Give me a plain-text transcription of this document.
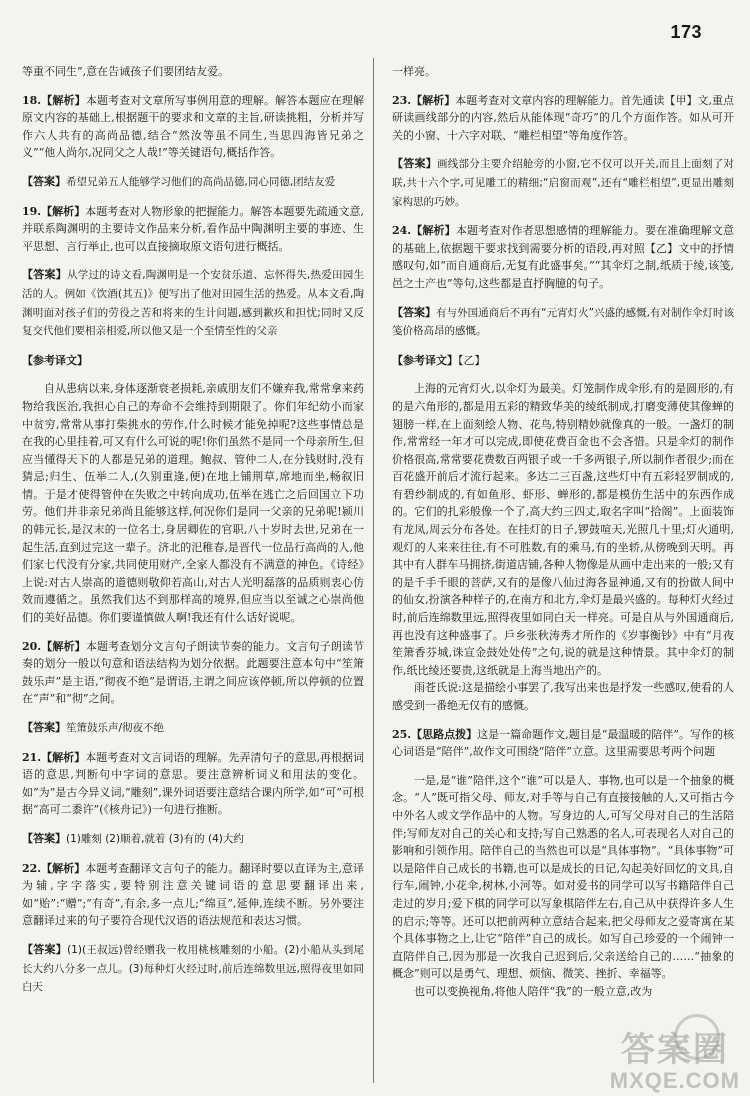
173

等重不同生”,意在告诫孩子们要团结友爱。

18.【解析】本题考查对文章所写事例用意的理解。解答本题应在理解原文内容的基础上,根据题干的要求和文章的主旨,研读挑粗，分析并写作六人共有的高尚品德,结合“然汝等虽不同生,当思四海皆兄弟之义”“他人尚尔,况同父之人哉!”等关键语句,概括作答。

【答案】希望兄弟五人能够学习他们的高尚品德,同心同德,团结友爱

19.【解析】本题考查对人物形象的把握能力。解答本题要先疏通文意,并联系陶渊明的主要诗文作品来分析,看作品中陶渊明主要的事迹、生平思想、言行举止,也可以直接摘取原文语句进行概括。

【答案】从学过的诗文看,陶渊明是一个安贫乐道、忘怀得失,热爱田园生活的人。例如《饮酒(其五)》便写出了他对田园生活的热爱。从本文看,陶渊明面对孩子们的劳役之苦和将来的生计问题,感到歉疚和担忧;同时又反复交代他们要相亲相爱,所以他又是一个至情至性的父亲

【参考译文】

自从患病以来,身体逐渐衰老损耗,亲戚朋友们不嫌弃我,常常拿来药物给我医治,我担心自己的寿命不会维持到期限了。你们年纪幼小而家中贫穷,常常从事打柴挑水的劳作,什么时候才能免掉呢?这些事情总是在我的心里挂着,可又有什么可说的呢!你们虽然不是同一个母亲所生,但应当懂得天下的人都是兄弟的道理。鲍叔、管仲二人,在分钱财时,没有猜忌;归生、伍举二人,(久别重逢,便)在地上铺荆草,席地而坐,畅叙旧情。于是才使得管仲在失败之中转向成功,伍举在逃亡之后回国立下功劳。他们并非亲兄弟尚且能够这样,何况你们是同一父亲的兄弟呢!颍川的韩元长,是汉末的一位名士,身居卿佐的官职,八十岁时去世,兄弟在一起生活,直到过完这一辈子。济北的汜稚春,是晋代一位品行高尚的人,他们家七代没有分家,共同使用财产,全家人都没有不满意的神色。《诗经》上说:对古人崇高的道德则敬仰若高山,对古人光明磊落的品质则衷心仿效而遵循之。虽然我们达不到那样高的境界,但应当以至诚之心崇尚他们的美好品德。你们要谨慎做人啊!我还有什么话好说呢。

20.【解析】本题考查划分文言句子朗读节奏的能力。文言句子朗读节奏的划分一般以句意和语法结构为划分依据。此题要注意本句中“笙箫鼓乐声”是主语,“彻夜不绝”是谓语,主谓之间应该停顿,所以停顿的位置在“声”和“彻”之间。

【答案】笙箫鼓乐声/彻夜不绝

21.【解析】本题考查对文言词语的理解。先弄清句子的意思,再根据词语的意思,判断句中字词的意思。要注意辨析词义和用法的变化。如“为”是古今异义词,“雕刻”,课外词语要注意结合课内所学,如“可”可根据“高可二黍许”(《核舟记》)一句进行推断。

【答案】(1)雕刻 (2)顺着,就着 (3)有的 (4)大约

22.【解析】本题考查翻译文言句子的能力。翻译时要以直译为主,意译为辅,字字落实,要特别注意关键词语的意思要翻译出来,如“贻”:“赠”;“有奇”,有余,多一点儿;“绵亘”,延伸,连续不断。另外要注意翻译过来的句子要符合现代汉语的语法规范和表达习惯。

【答案】(1)(王叔远)曾经赠我一枚用桃核雕刻的小船。(2)小船从头到尾长大约八分多一点儿。(3)每种灯火经过时,前后连绵数里远,照得夜里如同白天

一样亮。

23.【解析】本题考查对文章内容的理解能力。首先通读【甲】文,重点研读画线部分的内容,然后从能体现“奇巧”的几个方面作答。如从可开关的小窗、十六字对联、“雕栏相望”等角度作答。

【答案】画线部分主要介绍舱旁的小窗,它不仅可以开关,而且上面刻了对联,共十六个字,可见雕工的精细;“启窗而观”,还有“雕栏相望”,更显出雕刻家构思的巧妙。

24.【解析】本题考查对作者思想感情的理解能力。要在准确理解文意的基础上,依据题干要求找到需要分析的语段,再对照【乙】文中的抒情感叹句,如“而自通商后,无复有此盛事矣。”“其伞灯之制,纸质于绫,该笺,邑之土产也”等句,这些都是直抒胸臆的句子。

【答案】有与外国通商后不再有“元宵灯火”兴盛的感慨,有对制作伞灯时该笺价格高昂的感慨。

【参考译文】【乙】

上海的元宵灯火,以伞灯为最美。灯笼制作成伞形,有的是圆形的,有的是六角形的,都是用五彩的精致华美的绫纸制成,打磨变薄使其像蝉的翅膀一样,在上面刻绘人物、花鸟,特别精妙就像真的一般。一盏灯的制作,常常经一年才可以完成,即使花费百金也不会吝惜。只是伞灯的制作价格很高,常常要花费数百两银子或一千多两银子,所以制作者很少;而在百花盛开前后才流行起来。多达二三百盏,这些灯中有五彩轻罗制成的,有碧纱制成的,有如鱼形、虾形、蝉形的,都是模仿生活中的东西作成的。它们的扎彩般像一个了,高大约三四丈,取名字叫“拾阁”。上面装饰有龙凤,周云分布各处。在挂灯的日子,锣鼓喧天,光照几十里;灯火通明,观灯的人来来往往,有不可胜数,有的乘马,有的坐轿,从傍晚到天明。再其中有人群车马拥挤,街道店铺,各种人物像是从画中走出来的一般;又有的是千手千眼的菩萨,又有的是像八仙过海各显神通,又有的扮做人间中的仙女,扮演各种样子的,在南方和北方,伞灯是最兴盛的。每种灯火经过时,前后连绵数里远,照得夜里如同白天一样亮。可是自从与外国通商后,再也没有这种盛事了。戶乡张秋涛秀才所作的《岁事衡钞》中有“月夜笙箫香芬城,诛宣金鼓处处传”之句,说的就是这种情景。其中伞灯的制作,纸比绫还要贵,这纸就是上海当地出产的。

雨苍氏说:这是描绘小事罢了,我写出来也是抒发一些感叹,使看的人感受到一番绝无仅有的感慨。

25.【思路点拨】这是一篇命题作文,题目是“最温暖的陪伴”。写作的核心词语是“陪伴”,故作文可围绕“陪伴”立意。这里需要思考两个问题

一是,是“谁”陪伴,这个“谁”可以是人、事物,也可以是一个抽象的概念。“人”既可指父母、师友,对手等与自己有直接接触的人,又可指古今中外名人或文学作品中的人物。写身边的人,可写父母对自己的生活陪伴;写师友对自己的关心和支持;写自己熟悉的名人,可表现名人对自己的影响和引领作用。陪伴自己的当然也可以是“具体事物”。“具体事物”可以是陪伴自己成长的书籍,也可以是成长的日记,勾起美好回忆的文具,自行车,闹钟,小花伞,树林,小河等。如对爱书的同学可以写书籍陪伴自己走过的岁月;爱下棋的同学可以写象棋陪伴左右,自己从中获得许多人生的启示;等等。还可以把前两种立意结合起来,把父母师友之爱寄寓在某个具体事物之上,让它“陪伴”自己的成长。如写自己珍爱的一个闹钟一直陪伴自己,因为那是一次我自己迟到后,父亲送给自己的……“抽象的概念”则可以是勇气、理想、烦恼、微笑、挫折、幸福等。

也可以变换视角,将他人陪伴“我”的一般立意,改为

答案圈
MXQE.COM
